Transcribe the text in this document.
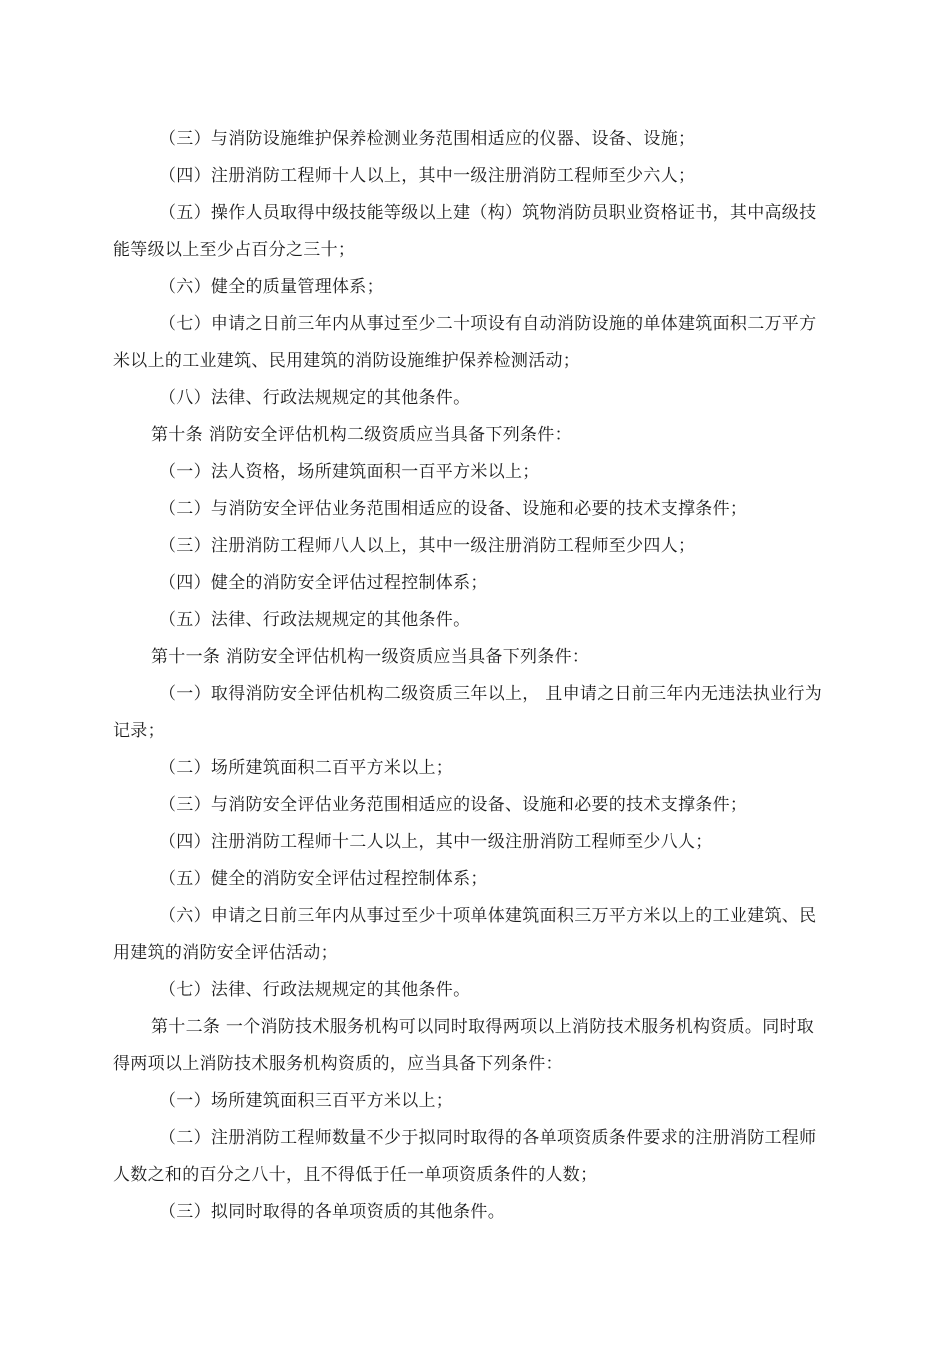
（三）与消防设施维护保养检测业务范围相适应的仪器、设备、设施；

（四）注册消防工程师十人以上，其中一级注册消防工程师至少六人；

（五）操作人员取得中级技能等级以上建（构）筑物消防员职业资格证书，其中高级技能等级以上至少占百分之三十；

（六）健全的质量管理体系；

（七）申请之日前三年内从事过至少二十项设有自动消防设施的单体建筑面积二万平方米以上的工业建筑、民用建筑的消防设施维护保养检测活动；

（八）法律、行政法规规定的其他条件。

第十条 消防安全评估机构二级资质应当具备下列条件：

（一）法人资格，场所建筑面积一百平方米以上；

（二）与消防安全评估业务范围相适应的设备、设施和必要的技术支撑条件；

（三）注册消防工程师八人以上，其中一级注册消防工程师至少四人；

（四）健全的消防安全评估过程控制体系；

（五）法律、行政法规规定的其他条件。

第十一条 消防安全评估机构一级资质应当具备下列条件：

（一）取得消防安全评估机构二级资质三年以上， 且申请之日前三年内无违法执业行为记录；

（二）场所建筑面积二百平方米以上；

（三）与消防安全评估业务范围相适应的设备、设施和必要的技术支撑条件；

（四）注册消防工程师十二人以上，其中一级注册消防工程师至少八人；

（五）健全的消防安全评估过程控制体系；

（六）申请之日前三年内从事过至少十项单体建筑面积三万平方米以上的工业建筑、民用建筑的消防安全评估活动；

（七）法律、行政法规规定的其他条件。

第十二条 一个消防技术服务机构可以同时取得两项以上消防技术服务机构资质。同时取得两项以上消防技术服务机构资质的，应当具备下列条件：

（一）场所建筑面积三百平方米以上；

（二）注册消防工程师数量不少于拟同时取得的各单项资质条件要求的注册消防工程师人数之和的百分之八十，且不得低于任一单项资质条件的人数；

（三）拟同时取得的各单项资质的其他条件。
